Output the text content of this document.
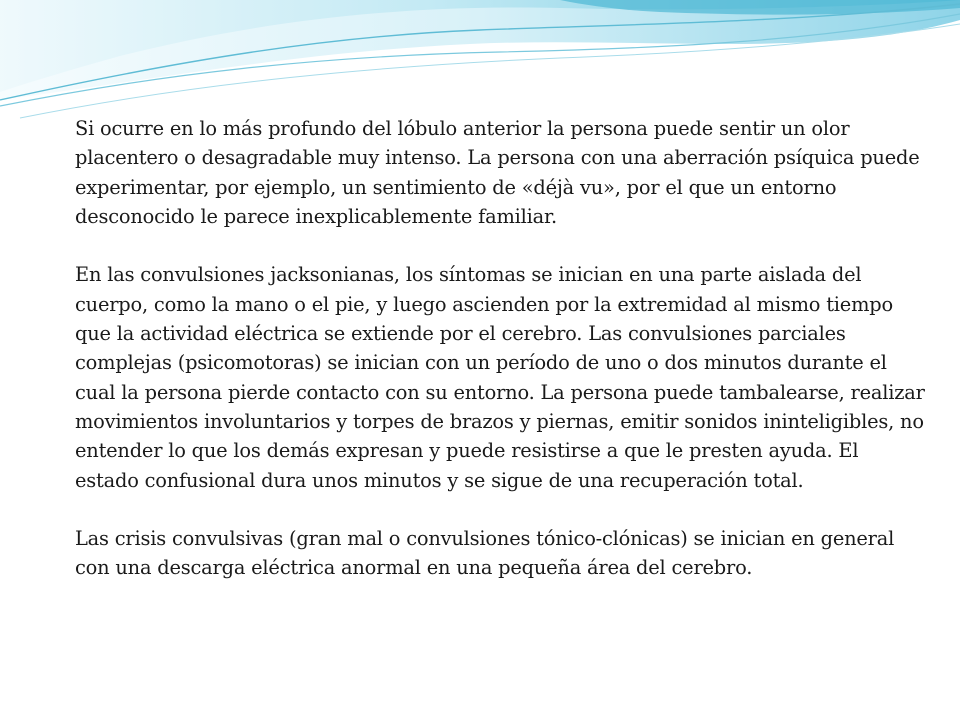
Si ocurre en lo más profundo del lóbulo anterior la persona puede sentir un olor placentero o desagradable muy intenso. La persona con una aberración psíquica puede experimentar, por ejemplo, un sentimiento de «déjà vu», por el que un entorno desconocido le parece inexplicablemente familiar.

En las convulsiones jacksonianas, los síntomas se inician en una parte aislada del cuerpo, como la mano o el pie, y luego ascienden por la extremidad al mismo tiempo que la actividad eléctrica se extiende por el cerebro. Las convulsiones parciales complejas (psicomotoras) se inician con un período de uno o dos minutos durante el cual la persona pierde contacto con su entorno. La persona puede tambalearse, realizar movimientos involuntarios y torpes de brazos y piernas, emitir sonidos ininteligibles, no entender lo que los demás expresan y puede resistirse a que le presten ayuda. El estado confusional dura unos minutos y se sigue de una recuperación total.

Las crisis convulsivas (gran mal o convulsiones tónico-clónicas) se inician en general con una descarga eléctrica anormal en una pequeña área del cerebro.
